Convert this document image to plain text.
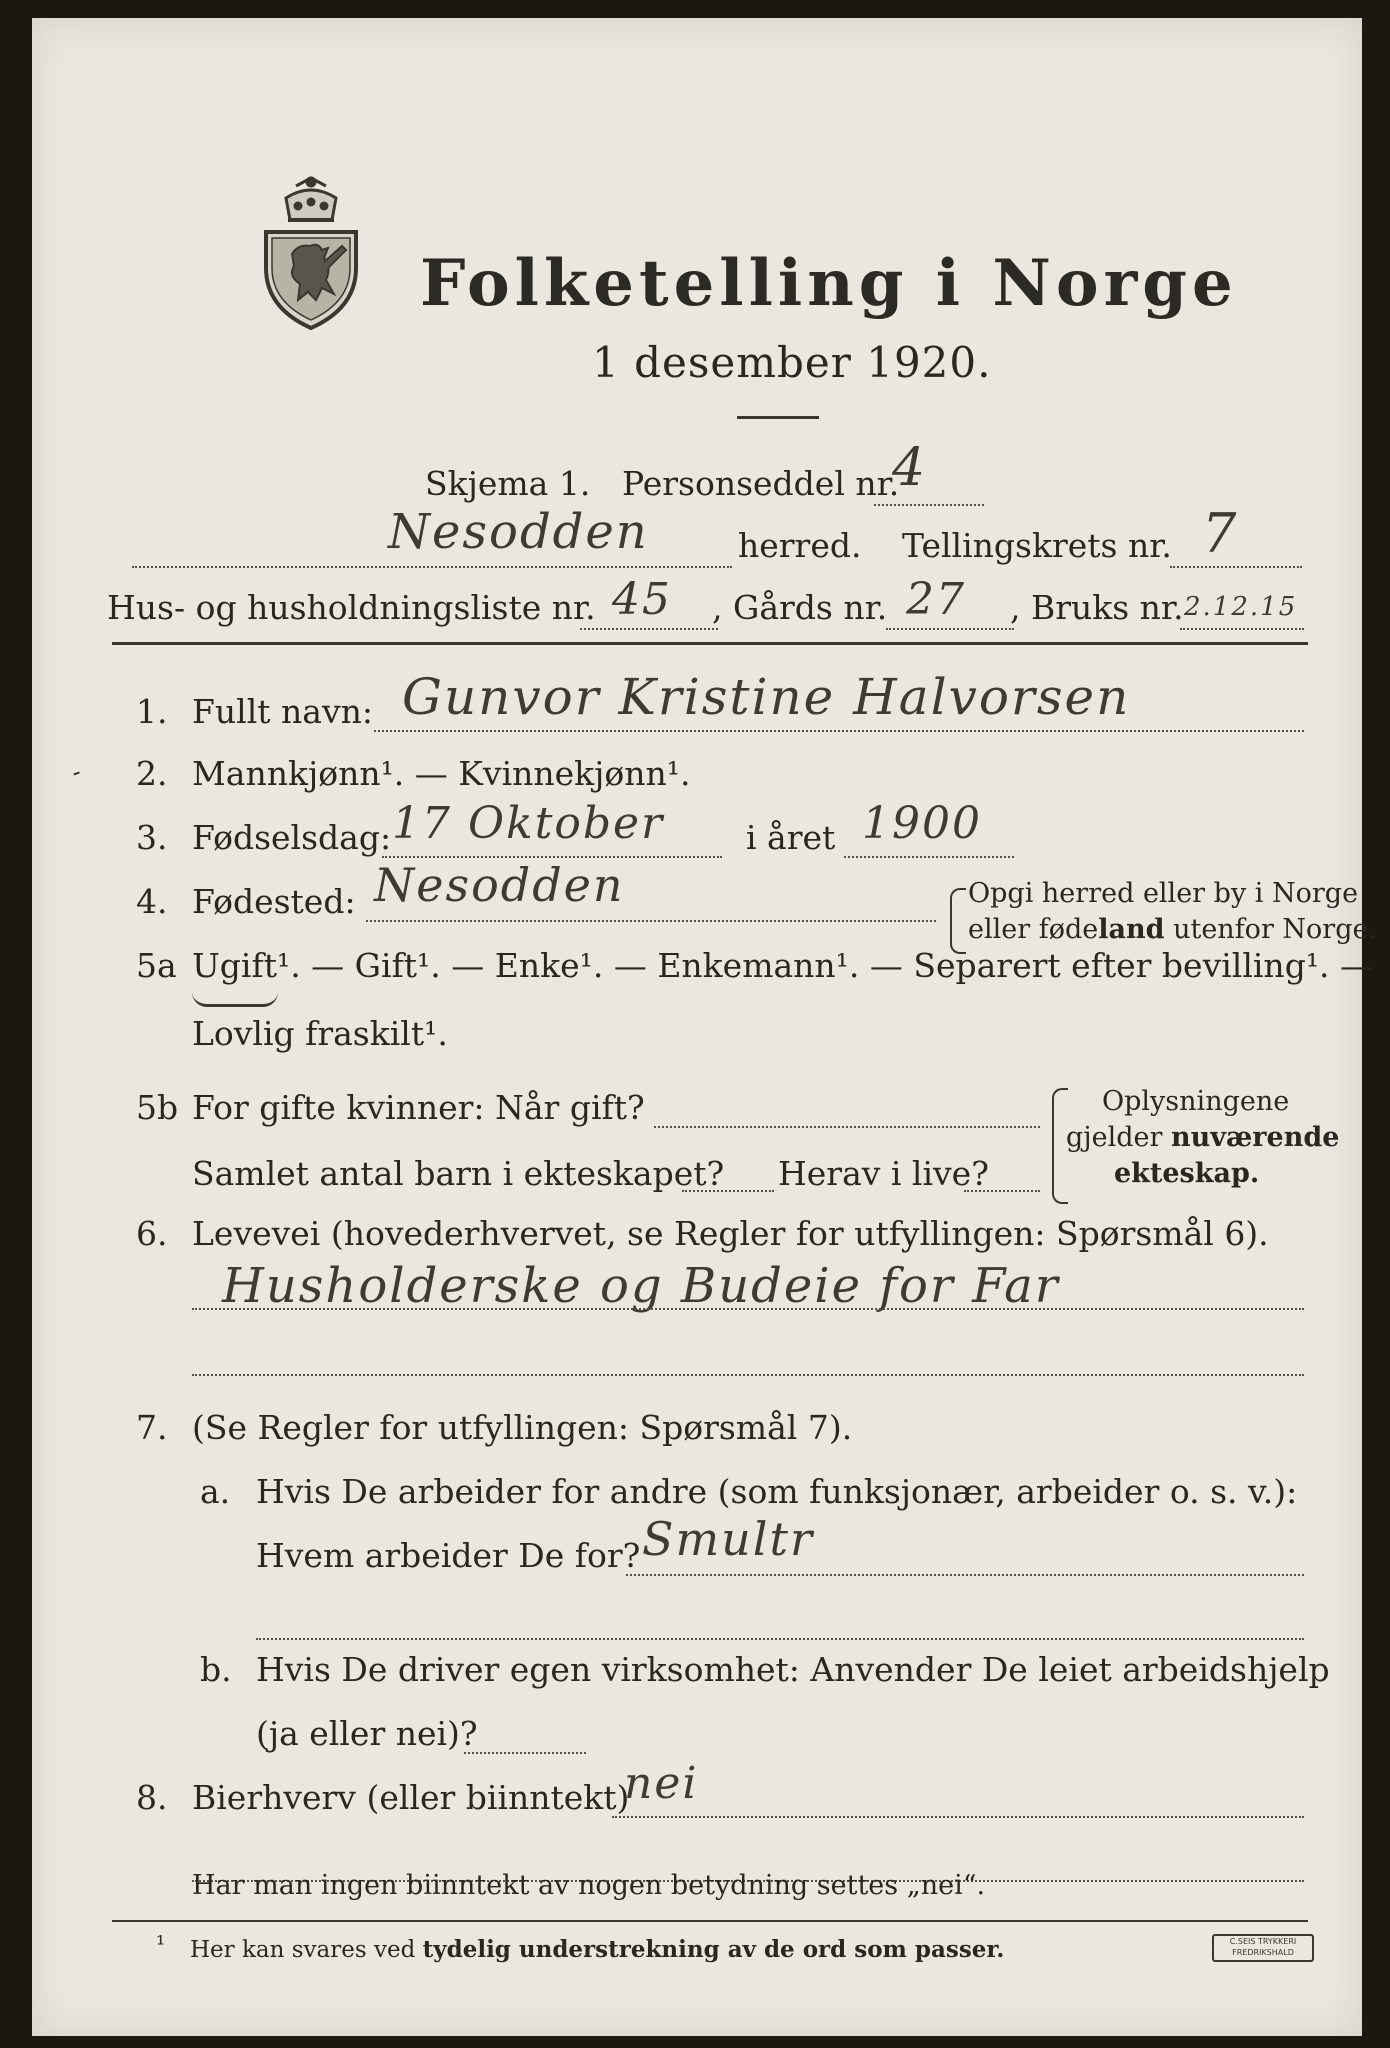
Folketelling i Norge
1 desember 1920.
Skjema 1. Personseddel nr.
4
Nesodden	herred. Tellingskrets nr. 7
Hus- og husholdningsliste nr. 45 , Gårds nr. 27 , Bruks nr. 2.12.15
-
1. Fullt navn: Gunvor Kristine Halvorsen
2. Mannkjønn¹. — Kvinnekjønn¹.
3. Fødselsdag: 17 Oktober i året 1900
4. Fødested: Nesodden	Opgi herred eller by i Norge
eller fødeland utenfor Norge.
5a Ugift¹. — Gift¹. — Enke¹. — Enkemann¹. — Separert efter bevilling¹. —
Lovlig fraskilt¹.
5b For gifte kvinner: Når gift?
Samlet antal barn i ekteskapet? Herav i live?
Oplysningene
gjelder nuværende
ekteskap.
6. Levevei (hovederhvervet, se Regler for utfyllingen: Spørsmål 6).
Husholderske og Budeie for Far
7. (Se Regler for utfyllingen: Spørsmål 7).
a. Hvis De arbeider for andre (som funksjonær, arbeider o. s. v.):
Hvem arbeider De for? Smultr
b. Hvis De driver egen virksomhet: Anvender De leiet arbeidshjelp
(ja eller nei)?
8. Bierhverv (eller biinntekt)
nei
Har man ingen biinntekt av nogen betydning settes „nei“.
¹ Her kan svares ved tydelig understrekning av de ord som passer.	C.SEIS TRYKKERI
FREDRIKSHALD
